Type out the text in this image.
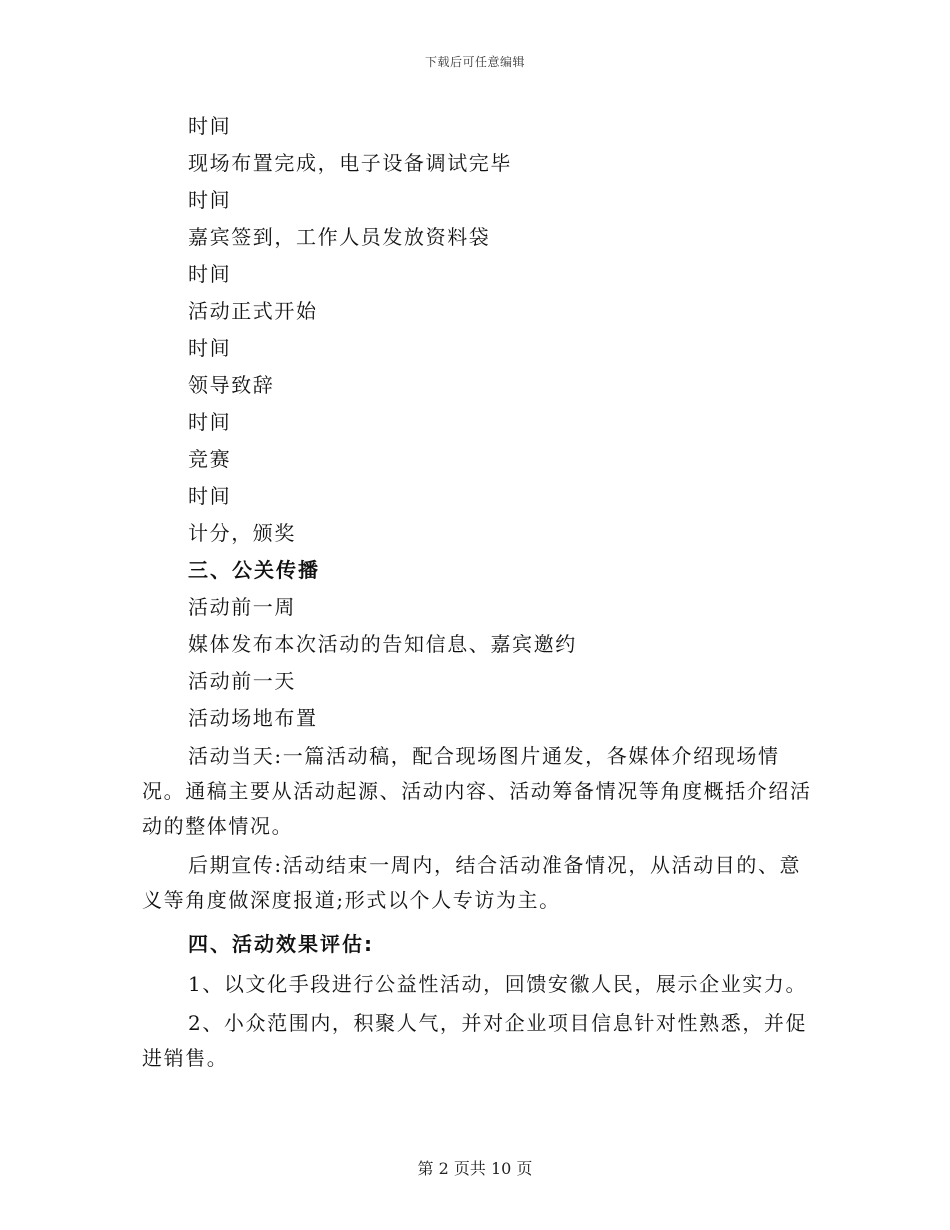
下载后可任意编辑
时间
现场布置完成，电子设备调试完毕
时间
嘉宾签到，工作人员发放资料袋
时间
活动正式开始
时间
领导致辞
时间
竞赛
时间
计分，颁奖
三、公关传播
活动前一周
媒体发布本次活动的告知信息、嘉宾邀约
活动前一天
活动场地布置
活动当天:一篇活动稿，配合现场图片通发，各媒体介绍现场情况。通稿主要从活动起源、活动内容、活动筹备情况等角度概括介绍活动的整体情况。
后期宣传:活动结束一周内，结合活动准备情况，从活动目的、意义等角度做深度报道;形式以个人专访为主。
四、活动效果评估:
1、以文化手段进行公益性活动，回馈安徽人民，展示企业实力。
2、小众范围内，积聚人气，并对企业项目信息针对性熟悉，并促进销售。
第 2 页共 10 页
